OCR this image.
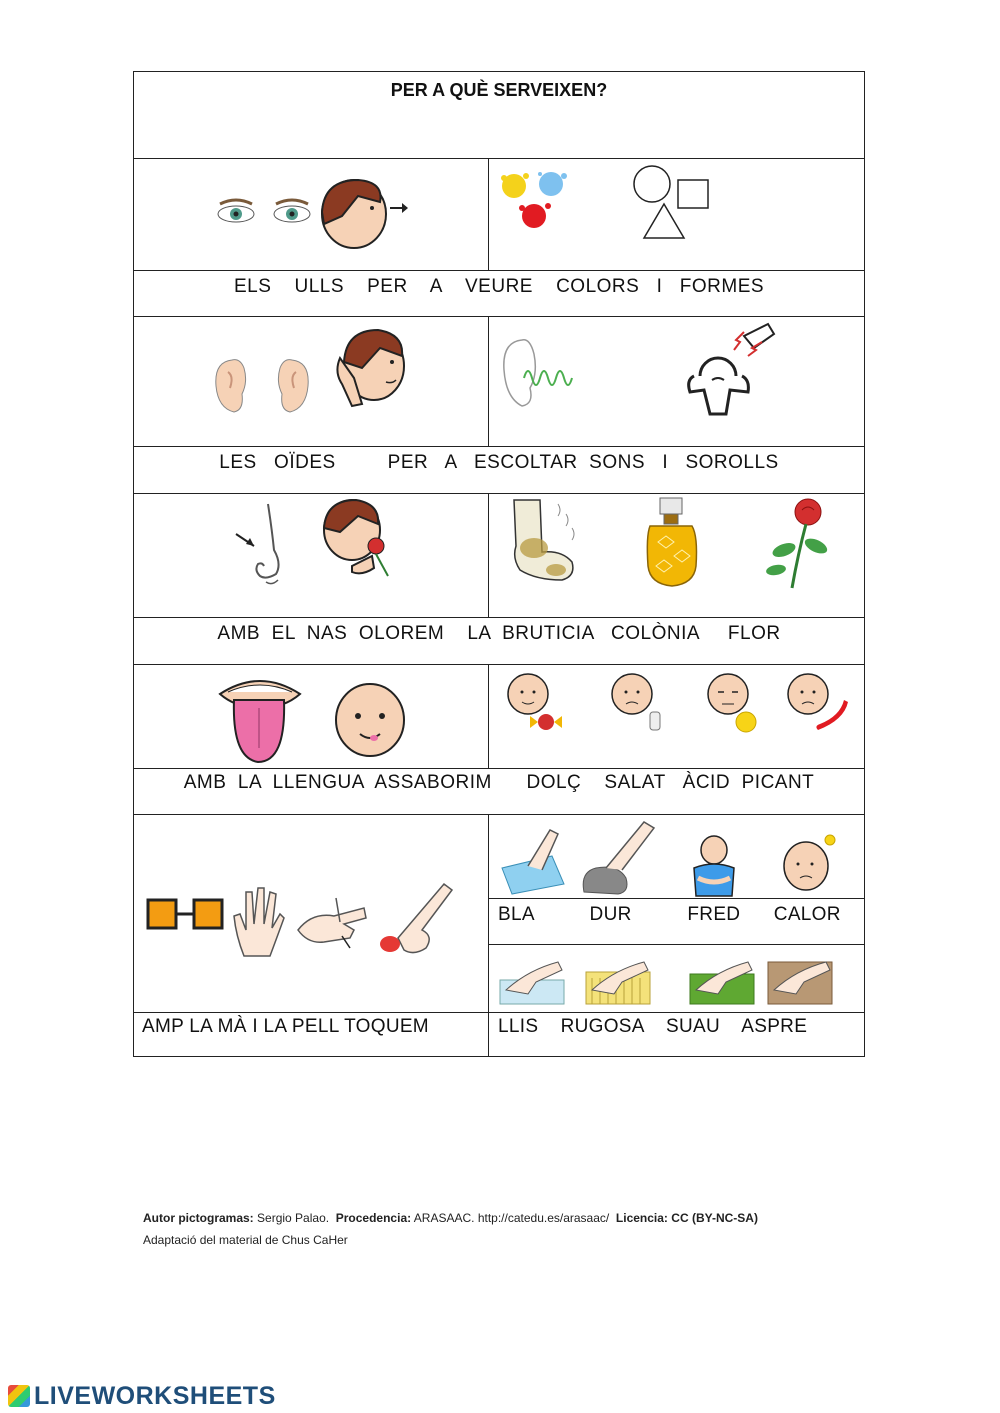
PER A QUÈ SERVEIXEN?
ELS    ULLS    PER    A    VEURE    COLORS   I   FORMES
LES   OÏDES         PER   A   ESCOLTAR  SONS   I   SOROLLS
AMB  EL  NAS  OLOREM    LA  BRUTICIA   COLÒNIA     FLOR
AMB  LA  LLENGUA  ASSABORIM      DOLÇ    SALAT   ÀCID  PICANT
BLA          DUR          FRED      CALOR
AMP LA MÀ I LA PELL TOQUEM	LLIS    RUGOSA    SUAU    ASPRE
Autor pictogramas: Sergio Palao. Procedencia: ARASAAC. http://catedu.es/arasaac/ Licencia: CC (BY-NC-SA)
Adaptació del material de Chus CaHer
LIVEWORKSHEETS
